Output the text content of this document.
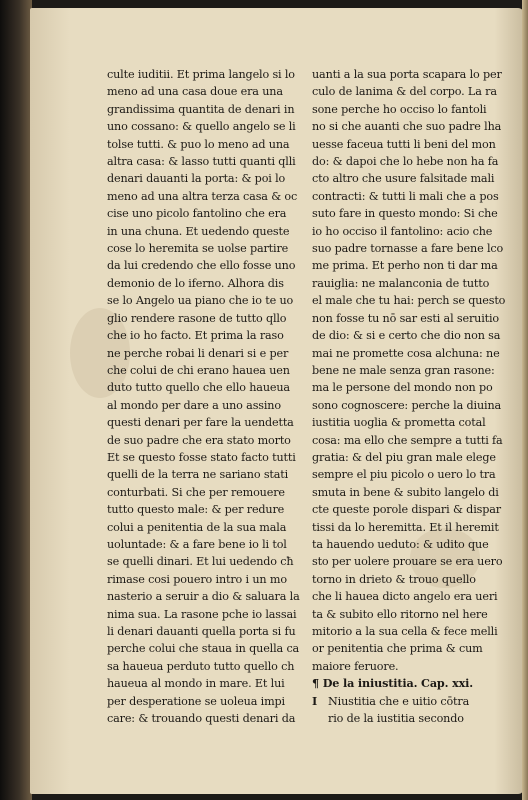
culte iuditii. Et prima langelo si lo
meno ad una casa doue era una
grandissima quantita de denari in
uno cossano: & quello angelo se li
tolse tutti. & puo lo meno ad una
altra casa: & lasso tutti quanti qlli
denari dauanti la porta: & poi lo
meno ad una altra terza casa & oc
cise uno picolo fantolino che era
in una chuna. Et uedendo queste
cose lo heremita se uolse partire
da lui credendo che ello fosse uno
demonio de lo iferno. Alhora dis
se lo Angelo ua piano che io te uo
glio rendere rasone de tutto qllo
che io ho facto. Et prima la raso
ne perche robai li denari si e per
che colui de chi erano hauea uen
duto tutto quello che ello haueua
al mondo per dare a uno assino
questi denari per fare la uendetta
de suo padre che era stato morto
Et se questo fosse stato facto tutti
quelli de la terra ne sariano stati
conturbati. Si che per remouere
tutto questo male: & per redure
colui a penitentia de la sua mala
uoluntade: & a fare bene io li tol
se quelli dinari. Et lui uedendo cħ
rimase cosi pouero intro i un mo
nasterio a seruir a dio & saluara la
nima sua. La rasone pche io lassai
li denari dauanti quella porta si fu
perche colui che staua in quella ca
sa haueua perduto tutto quello ch
haueua al mondo in mare. Et lui
per desperatione se uoleua impi
care: & trouando questi denari da
uanti a la sua porta scapara lo per
culo de lanima & del corpo. La ra
sone perche ho occiso lo fantoli
no si che auanti che suo padre lha
uesse faceua tutti li beni del mon
do: & dapoi che lo hebe non ha fa
cto altro che usure falsitade mali
contracti: & tutti li mali che a pos
suto fare in questo mondo: Si che
io ho occiso il fantolino: acio che
suo padre tornasse a fare bene lco
me prima. Et perho non ti dar ma
rauiglia: ne malanconia de tutto
el male che tu hai: perch se questo
non fosse tu nō sar esti al seruitio
de dio: & si e certo che dio non sa
mai ne promette cosa alchuna: ne
bene ne male senza gran rasone:
ma le persone del mondo non po
sono cognoscere: perche la diuina
iustitia uoglia & prometta cotal
cosa: ma ello che sempre a tutti fa
gratia: & del piu gran male elege
sempre el piu picolo o uero lo tra
smuta in bene & subito langelo di
cte queste porole dispari & dispar
tissi da lo heremitta. Et il heremit
ta hauendo ueduto: & udito que
sto per uolere prouare se era uero
torno in drieto & trouo quello
che li hauea dicto angelo era ueri
ta & subito ello ritorno nel here
mitorio a la sua cella & fece melli
or penitentia che prima & cum
maiore feruore.
¶ De la iniustitia. Cap. xxi.
I Niustitia che e uitio cōtra
rio de la iustitia secondo
